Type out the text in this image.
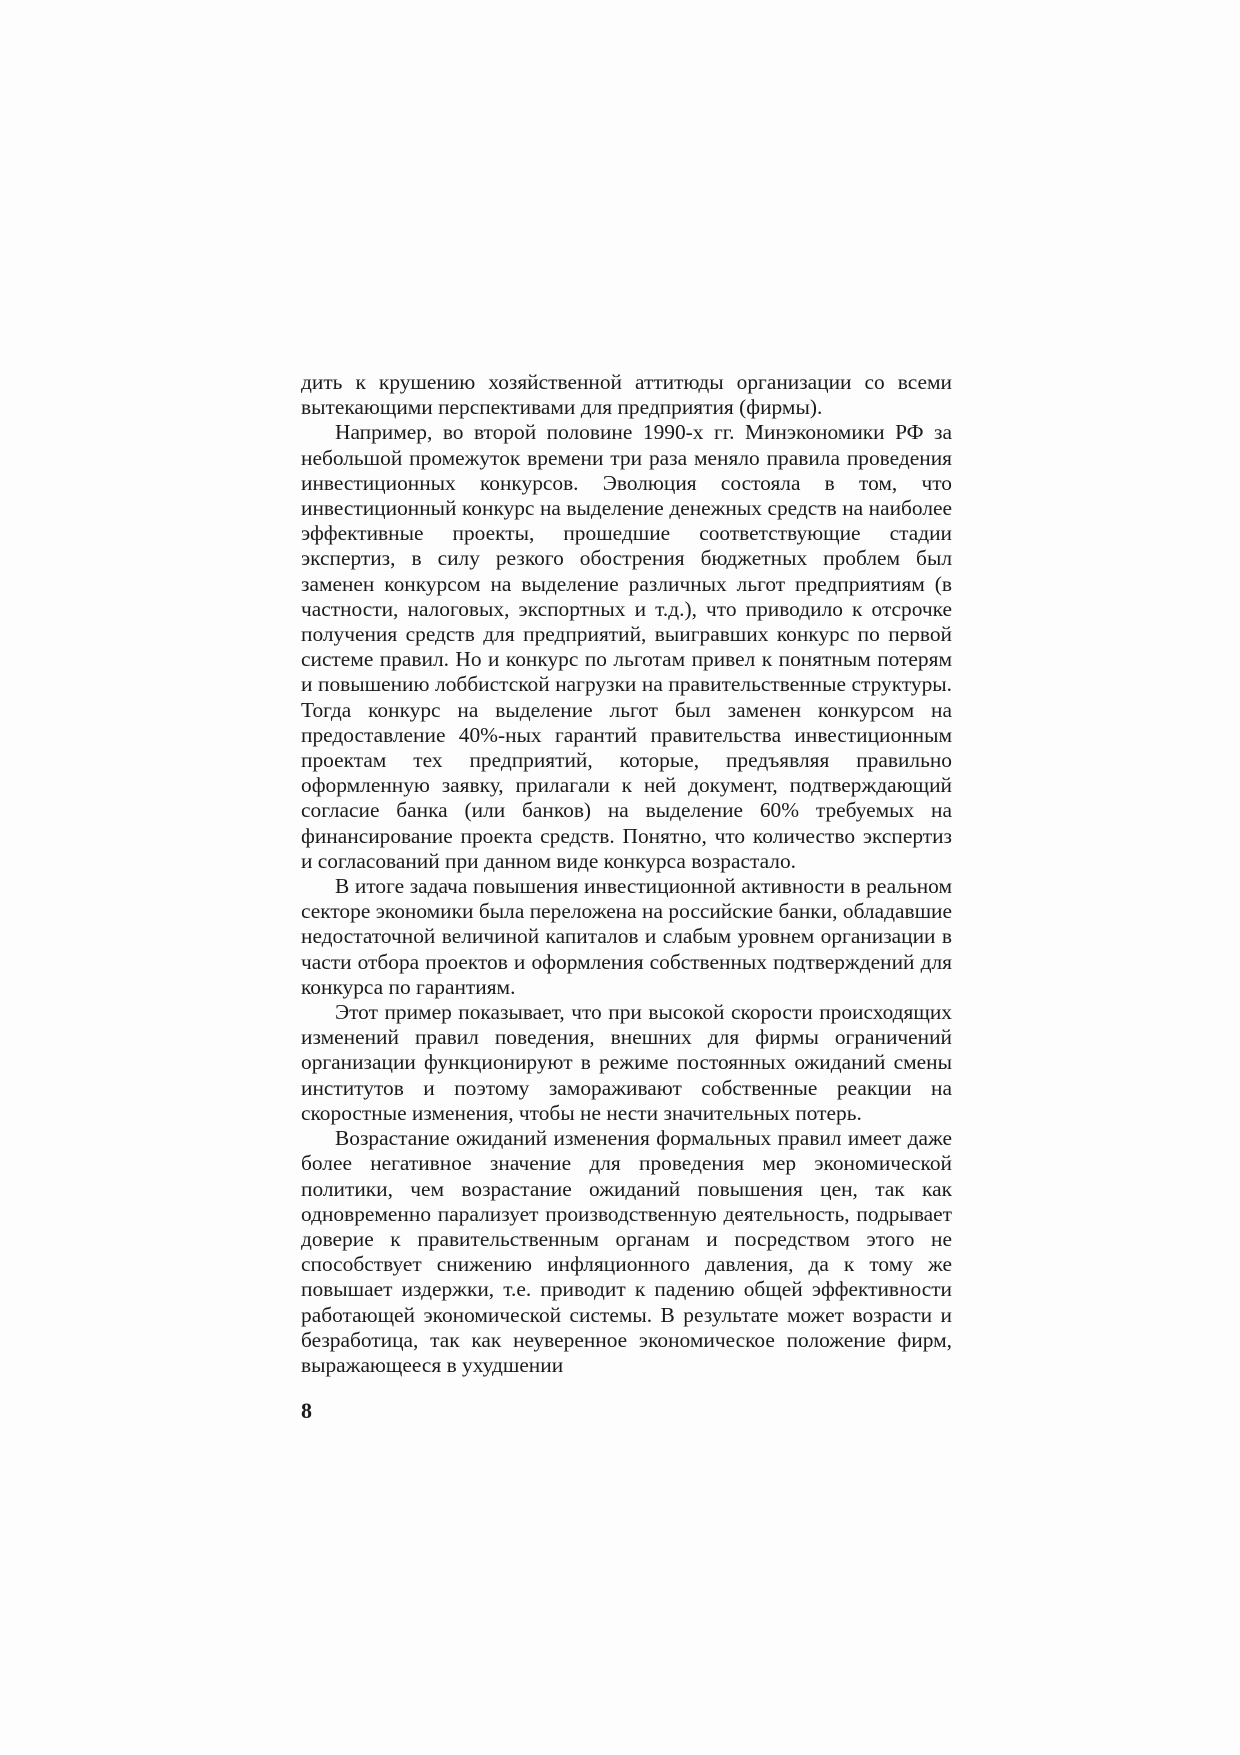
дить к крушению хозяйственной аттитюды организации со всеми вытекающими перспективами для предприятия (фирмы).

Например, во второй половине 1990-х гг. Минэкономики РФ за небольшой промежуток времени три раза меняло правила проведения инвестиционных конкурсов. Эволюция состояла в том, что инвестиционный конкурс на выделение денежных средств на наиболее эффективные проекты, прошедшие соответствующие стадии экспертиз, в силу резкого обострения бюджетных проблем был заменен конкурсом на выделение различных льгот предприятиям (в частности, налоговых, экспортных и т.д.), что приводило к отсрочке получения средств для предприятий, выигравших конкурс по первой системе правил. Но и конкурс по льготам привел к понятным потерям и повышению лоббистской нагрузки на правительственные структуры. Тогда конкурс на выделение льгот был заменен конкурсом на предоставление 40%-ных гарантий правительства инвестиционным проектам тех предприятий, которые, предъявляя правильно оформленную заявку, прилагали к ней документ, подтверждающий согласие банка (или банков) на выделение 60% требуемых на финансирование проекта средств. Понятно, что количество экспертиз и согласований при данном виде конкурса возрастало.

В итоге задача повышения инвестиционной активности в реальном секторе экономики была переложена на российские банки, обладавшие недостаточной величиной капиталов и слабым уровнем организации в части отбора проектов и оформления собственных подтверждений для конкурса по гарантиям.

Этот пример показывает, что при высокой скорости происходящих изменений правил поведения, внешних для фирмы ограничений организации функционируют в режиме постоянных ожиданий смены институтов и поэтому замораживают собственные реакции на скоростные изменения, чтобы не нести значительных потерь.

Возрастание ожиданий изменения формальных правил имеет даже более негативное значение для проведения мер экономической политики, чем возрастание ожиданий повышения цен, так как одновременно парализует производственную деятельность, подрывает доверие к правительственным органам и посредством этого не способствует снижению инфляционного давления, да к тому же повышает издержки, т.е. приводит к падению общей эффективности работающей экономической системы. В результате может возрасти и безработица, так как неуверенное экономическое положение фирм, выражающееся в ухудшении

8
